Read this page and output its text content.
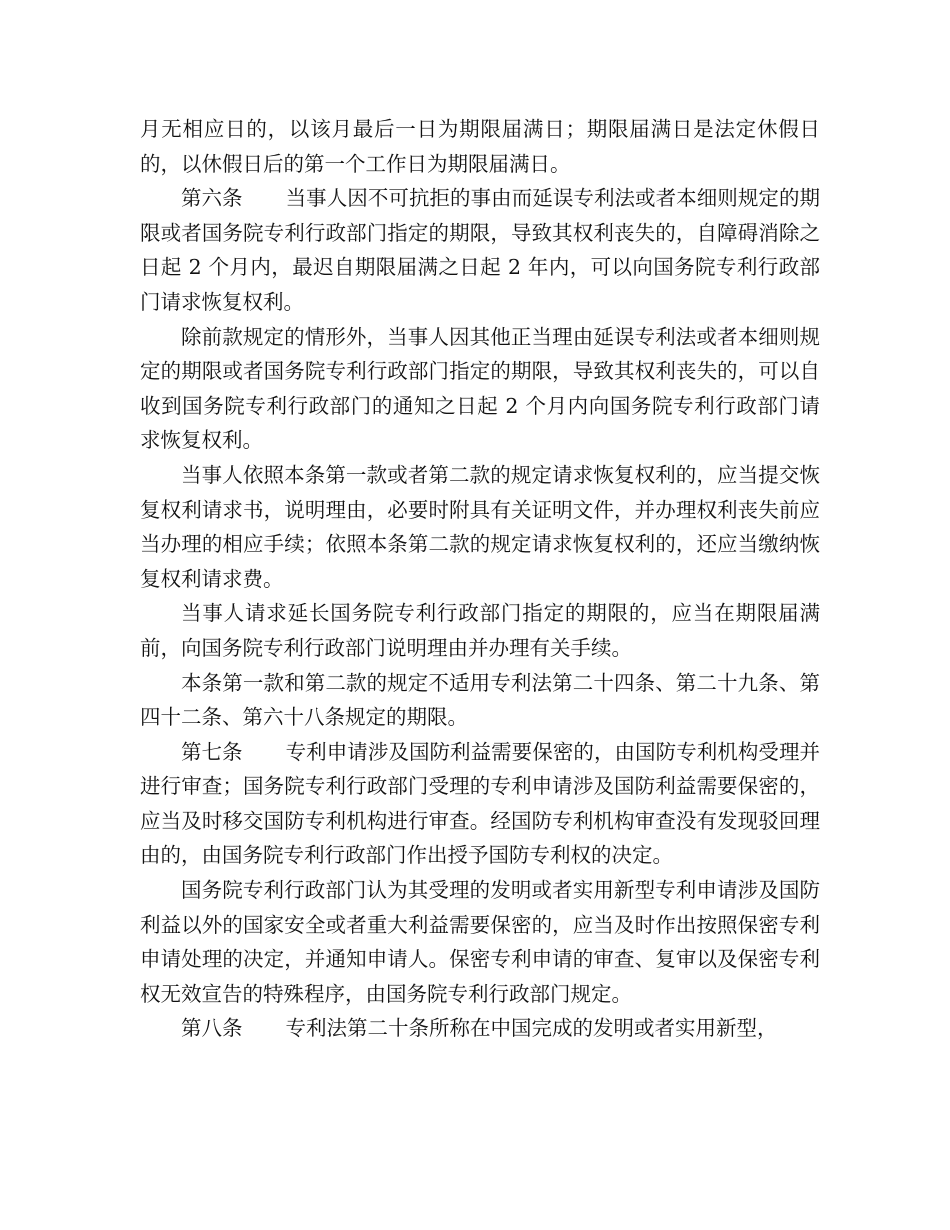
月无相应日的，以该月最后一日为期限届满日；期限届满日是法定休假日的，以休假日后的第一个工作日为期限届满日。

第六条 当事人因不可抗拒的事由而延误专利法或者本细则规定的期限或者国务院专利行政部门指定的期限，导致其权利丧失的，自障碍消除之日起 2 个月内，最迟自期限届满之日起 2 年内，可以向国务院专利行政部门请求恢复权利。

除前款规定的情形外，当事人因其他正当理由延误专利法或者本细则规定的期限或者国务院专利行政部门指定的期限，导致其权利丧失的，可以自收到国务院专利行政部门的通知之日起 2 个月内向国务院专利行政部门请求恢复权利。

当事人依照本条第一款或者第二款的规定请求恢复权利的，应当提交恢复权利请求书，说明理由，必要时附具有关证明文件，并办理权利丧失前应当办理的相应手续；依照本条第二款的规定请求恢复权利的，还应当缴纳恢复权利请求费。

当事人请求延长国务院专利行政部门指定的期限的，应当在期限届满前，向国务院专利行政部门说明理由并办理有关手续。

本条第一款和第二款的规定不适用专利法第二十四条、第二十九条、第四十二条、第六十八条规定的期限。

第七条 专利申请涉及国防利益需要保密的，由国防专利机构受理并进行审查；国务院专利行政部门受理的专利申请涉及国防利益需要保密的，应当及时移交国防专利机构进行审查。经国防专利机构审查没有发现驳回理由的，由国务院专利行政部门作出授予国防专利权的决定。

国务院专利行政部门认为其受理的发明或者实用新型专利申请涉及国防利益以外的国家安全或者重大利益需要保密的，应当及时作出按照保密专利申请处理的决定，并通知申请人。保密专利申请的审查、复审以及保密专利权无效宣告的特殊程序，由国务院专利行政部门规定。

第八条 专利法第二十条所称在中国完成的发明或者实用新型，
